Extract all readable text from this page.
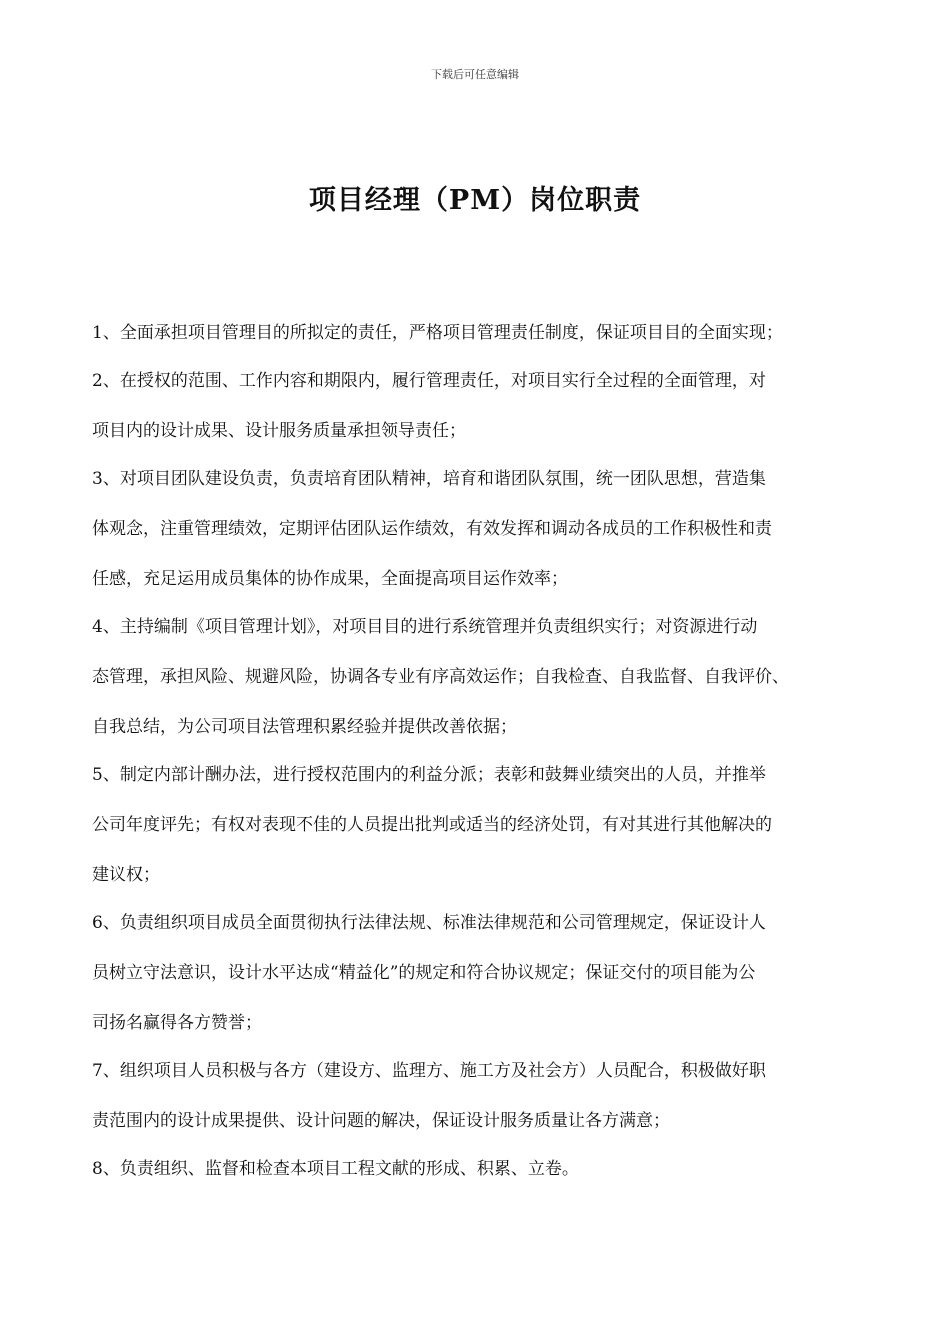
下载后可任意编辑
项目经理（PM）岗位职责
1、全面承担项目管理目的所拟定的责任，严格项目管理责任制度，保证项目目的全面实现；
2、在授权的范围、工作内容和期限内，履行管理责任，对项目实行全过程的全面管理，对
项目内的设计成果、设计服务质量承担领导责任；
3、对项目团队建设负责，负责培育团队精神，培育和谐团队氛围，统一团队思想，营造集
体观念，注重管理绩效，定期评估团队运作绩效，有效发挥和调动各成员的工作积极性和责
任感，充足运用成员集体的协作成果，全面提高项目运作效率；
4、主持编制《项目管理计划》，对项目目的进行系统管理并负责组织实行；对资源进行动
态管理，承担风险、规避风险，协调各专业有序高效运作；自我检查、自我监督、自我评价、
自我总结，为公司项目法管理积累经验并提供改善依据；
5、制定内部计酬办法，进行授权范围内的利益分派；表彰和鼓舞业绩突出的人员，并推举
公司年度评先；有权对表现不佳的人员提出批判或适当的经济处罚，有对其进行其他解决的
建议权；
6、负责组织项目成员全面贯彻执行法律法规、标准法律规范和公司管理规定，保证设计人
员树立守法意识，设计水平达成“精益化”的规定和符合协议规定；保证交付的项目能为公
司扬名赢得各方赞誉；
7、组织项目人员积极与各方（建设方、监理方、施工方及社会方）人员配合，积极做好职
责范围内的设计成果提供、设计问题的解决，保证设计服务质量让各方满意；
8、负责组织、监督和检查本项目工程文献的形成、积累、立卷。
